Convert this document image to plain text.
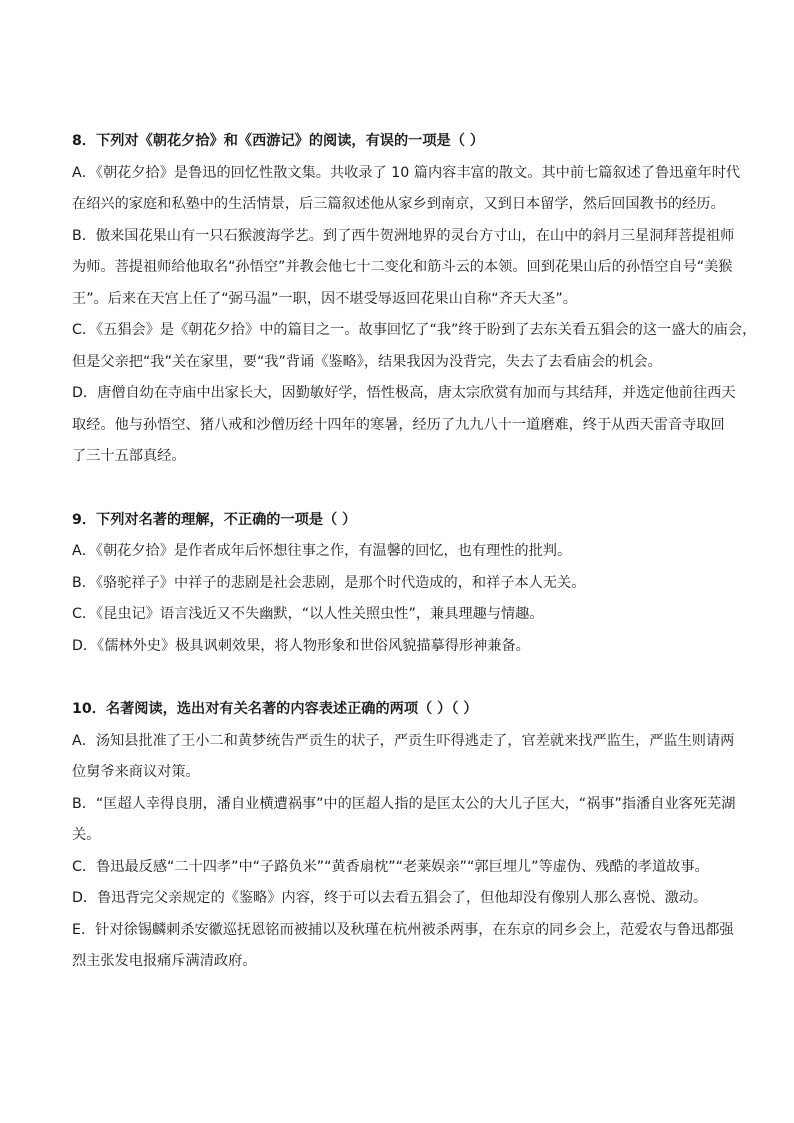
8．下列对《朝花夕拾》和《西游记》的阅读，有误的一项是（ ）

A．《朝花夕拾》是鲁迅的回忆性散文集。共收录了 10 篇内容丰富的散文。其中前七篇叙述了鲁迅童年时代

在绍兴的家庭和私塾中的生活情景，后三篇叙述他从家乡到南京，又到日本留学，然后回国教书的经历。

B．傲来国花果山有一只石猴渡海学艺。到了西牛贺洲地界的灵台方寸山，在山中的斜月三星洞拜菩提祖师

为师。菩提祖师给他取名“孙悟空”并教会他七十二变化和筋斗云的本领。回到花果山后的孙悟空自号“美猴

王”。后来在天宫上任了“弼马温”一职，因不堪受辱返回花果山自称“齐天大圣”。

C．《五猖会》是《朝花夕拾》中的篇目之一。故事回忆了“我”终于盼到了去东关看五猖会的这一盛大的庙会，

但是父亲把“我”关在家里，要“我”背诵《鉴略》，结果我因为没背完，失去了去看庙会的机会。

D．唐僧自幼在寺庙中出家长大，因勤敏好学，悟性极高，唐太宗欣赏有加而与其结拜，并选定他前往西天

取经。他与孙悟空、猪八戒和沙僧历经十四年的寒暑，经历了九九八十一道磨难，终于从西天雷音寺取回

了三十五部真经。

9．下列对名著的理解，不正确的一项是（ ）

A．《朝花夕拾》是作者成年后怀想往事之作，有温馨的回忆，也有理性的批判。

B．《骆驼祥子》中祥子的悲剧是社会悲剧，是那个时代造成的，和祥子本人无关。

C．《昆虫记》语言浅近又不失幽默，“以人性关照虫性”，兼具理趣与情趣。

D．《儒林外史》极具讽刺效果，将人物形象和世俗风貌描摹得形神兼备。

10．名著阅读，选出对有关名著的内容表述正确的两项（ ）（ ）

A．汤知县批准了王小二和黄梦统告严贡生的状子，严贡生吓得逃走了，官差就来找严监生，严监生则请两

位舅爷来商议对策。

B．“匡超人幸得良朋，潘自业横遭祸事”中的匡超人指的是匡太公的大儿子匡大，“祸事”指潘自业客死芜湖

关。

C．鲁迅最反感“二十四孝”中“子路负米”“黄香扇枕”“老莱娱亲”“郭巨埋儿”等虚伪、残酷的孝道故事。

D．鲁迅背完父亲规定的《鉴略》内容，终于可以去看五猖会了，但他却没有像别人那么喜悦、激动。

E．针对徐锡麟刺杀安徽巡抚恩铭而被捕以及秋瑾在杭州被杀两事，在东京的同乡会上，范爱农与鲁迅都强

烈主张发电报痛斥满清政府。
